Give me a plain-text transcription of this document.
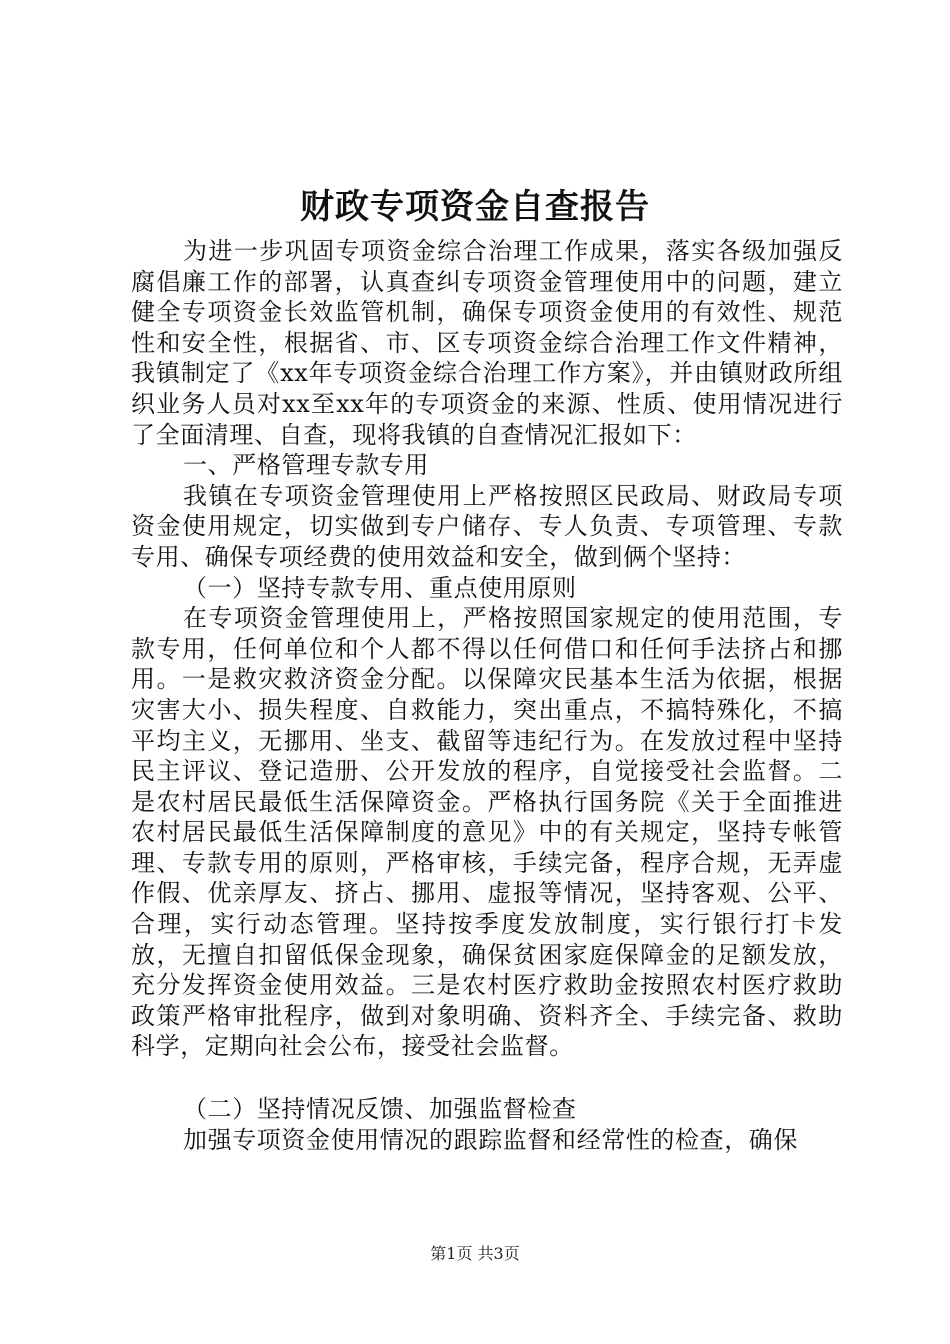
财政专项资金自查报告

为进一步巩固专项资金综合治理工作成果，落实各级加强反腐倡廉工作的部署，认真查纠专项资金管理使用中的问题，建立健全专项资金长效监管机制，确保专项资金使用的有效性、规范性和安全性，根据省、市、区专项资金综合治理工作文件精神，我镇制定了《xx年专项资金综合治理工作方案》，并由镇财政所组织业务人员对xx至xx年的专项资金的来源、性质、使用情况进行了全面清理、自查，现将我镇的自查情况汇报如下：

一、严格管理专款专用

我镇在专项资金管理使用上严格按照区民政局、财政局专项资金使用规定，切实做到专户储存、专人负责、专项管理、专款专用、确保专项经费的使用效益和安全，做到俩个坚持：

（一）坚持专款专用、重点使用原则

在专项资金管理使用上，严格按照国家规定的使用范围，专款专用，任何单位和个人都不得以任何借口和任何手法挤占和挪用。一是救灾救济资金分配。以保障灾民基本生活为依据，根据灾害大小、损失程度、自救能力，突出重点，不搞特殊化，不搞平均主义，无挪用、坐支、截留等违纪行为。在发放过程中坚持民主评议、登记造册、公开发放的程序，自觉接受社会监督。二是农村居民最低生活保障资金。严格执行国务院《关于全面推进农村居民最低生活保障制度的意见》中的有关规定，坚持专帐管理、专款专用的原则，严格审核，手续完备，程序合规，无弄虚作假、优亲厚友、挤占、挪用、虚报等情况，坚持客观、公平、合理，实行动态管理。坚持按季度发放制度，实行银行打卡发放，无擅自扣留低保金现象，确保贫困家庭保障金的足额发放，充分发挥资金使用效益。三是农村医疗救助金按照农村医疗救助政策严格审批程序，做到对象明确、资料齐全、手续完备、救助科学，定期向社会公布，接受社会监督。

（二）坚持情况反馈、加强监督检查

加强专项资金使用情况的跟踪监督和经常性的检查，确保

第1页 共3页
